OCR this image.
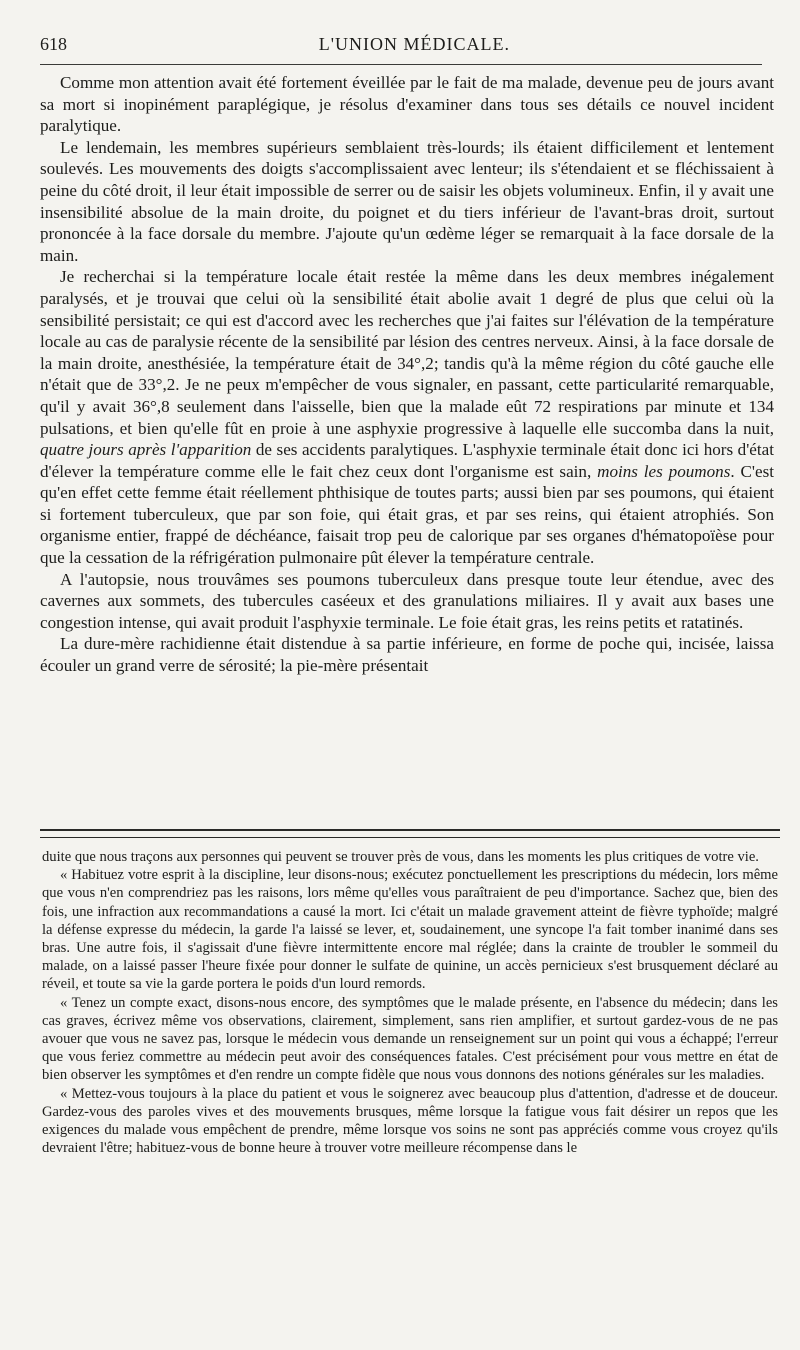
618	L'UNION MÉDICALE.

Comme mon attention avait été fortement éveillée par le fait de ma malade, devenue peu de jours avant sa mort si inopinément paraplégique, je résolus d'examiner dans tous ses détails ce nouvel incident paralytique.

Le lendemain, les membres supérieurs semblaient très-lourds; ils étaient difficilement et lentement soulevés. Les mouvements des doigts s'accomplissaient avec lenteur; ils s'étendaient et se fléchissaient à peine du côté droit, il leur était impossible de serrer ou de saisir les objets volumineux. Enfin, il y avait une insensibilité absolue de la main droite, du poignet et du tiers inférieur de l'avant-bras droit, surtout prononcée à la face dorsale du membre. J'ajoute qu'un œdème léger se remarquait à la face dorsale de la main.

Je recherchai si la température locale était restée la même dans les deux membres inégalement paralysés, et je trouvai que celui où la sensibilité était abolie avait 1 degré de plus que celui où la sensibilité persistait; ce qui est d'accord avec les recherches que j'ai faites sur l'élévation de la température locale au cas de paralysie récente de la sensibilité par lésion des centres nerveux. Ainsi, à la face dorsale de la main droite, anesthésiée, la température était de 34°,2; tandis qu'à la même région du côté gauche elle n'était que de 33°,2. Je ne peux m'empêcher de vous signaler, en passant, cette particularité remarquable, qu'il y avait 36°,8 seulement dans l'aisselle, bien que la malade eût 72 respirations par minute et 134 pulsations, et bien qu'elle fût en proie à une asphyxie progressive à laquelle elle succomba dans la nuit, quatre jours après l'apparition de ses accidents paralytiques. L'asphyxie terminale était donc ici hors d'état d'élever la température comme elle le fait chez ceux dont l'organisme est sain, moins les poumons. C'est qu'en effet cette femme était réellement phthisique de toutes parts; aussi bien par ses poumons, qui étaient si fortement tuberculeux, que par son foie, qui était gras, et par ses reins, qui étaient atrophiés. Son organisme entier, frappé de déchéance, faisait trop peu de calorique par ses organes d'hématopoïèse pour que la cessation de la réfrigération pulmonaire pût élever la température centrale.

A l'autopsie, nous trouvâmes ses poumons tuberculeux dans presque toute leur étendue, avec des cavernes aux sommets, des tubercules caséeux et des granulations miliaires. Il y avait aux bases une congestion intense, qui avait produit l'asphyxie terminale. Le foie était gras, les reins petits et ratatinés.

La dure-mère rachidienne était distendue à sa partie inférieure, en forme de poche qui, incisée, laissa écouler un grand verre de sérosité; la pie-mère présentait

duite que nous traçons aux personnes qui peuvent se trouver près de vous, dans les moments les plus critiques de votre vie.

« Habituez votre esprit à la discipline, leur disons-nous; exécutez ponctuellement les prescriptions du médecin, lors même que vous n'en comprendriez pas les raisons, lors même qu'elles vous paraîtraient de peu d'importance. Sachez que, bien des fois, une infraction aux recommandations a causé la mort. Ici c'était un malade gravement atteint de fièvre typhoïde; malgré la défense expresse du médecin, la garde l'a laissé se lever, et, soudainement, une syncope l'a fait tomber inanimé dans ses bras. Une autre fois, il s'agissait d'une fièvre intermittente encore mal réglée; dans la crainte de troubler le sommeil du malade, on a laissé passer l'heure fixée pour donner le sulfate de quinine, un accès pernicieux s'est brusquement déclaré au réveil, et toute sa vie la garde portera le poids d'un lourd remords.

« Tenez un compte exact, disons-nous encore, des symptômes que le malade présente, en l'absence du médecin; dans les cas graves, écrivez même vos observations, clairement, simplement, sans rien amplifier, et surtout gardez-vous de ne pas avouer que vous ne savez pas, lorsque le médecin vous demande un renseignement sur un point qui vous a échappé; l'erreur que vous feriez commettre au médecin peut avoir des conséquences fatales. C'est précisément pour vous mettre en état de bien observer les symptômes et d'en rendre un compte fidèle que nous vous donnons des notions générales sur les maladies.

« Mettez-vous toujours à la place du patient et vous le soignerez avec beaucoup plus d'attention, d'adresse et de douceur. Gardez-vous des paroles vives et des mouvements brusques, même lorsque la fatigue vous fait désirer un repos que les exigences du malade vous empêchent de prendre, même lorsque vos soins ne sont pas appréciés comme vous croyez qu'ils devraient l'être; habituez-vous de bonne heure à trouver votre meilleure récompense dans le
